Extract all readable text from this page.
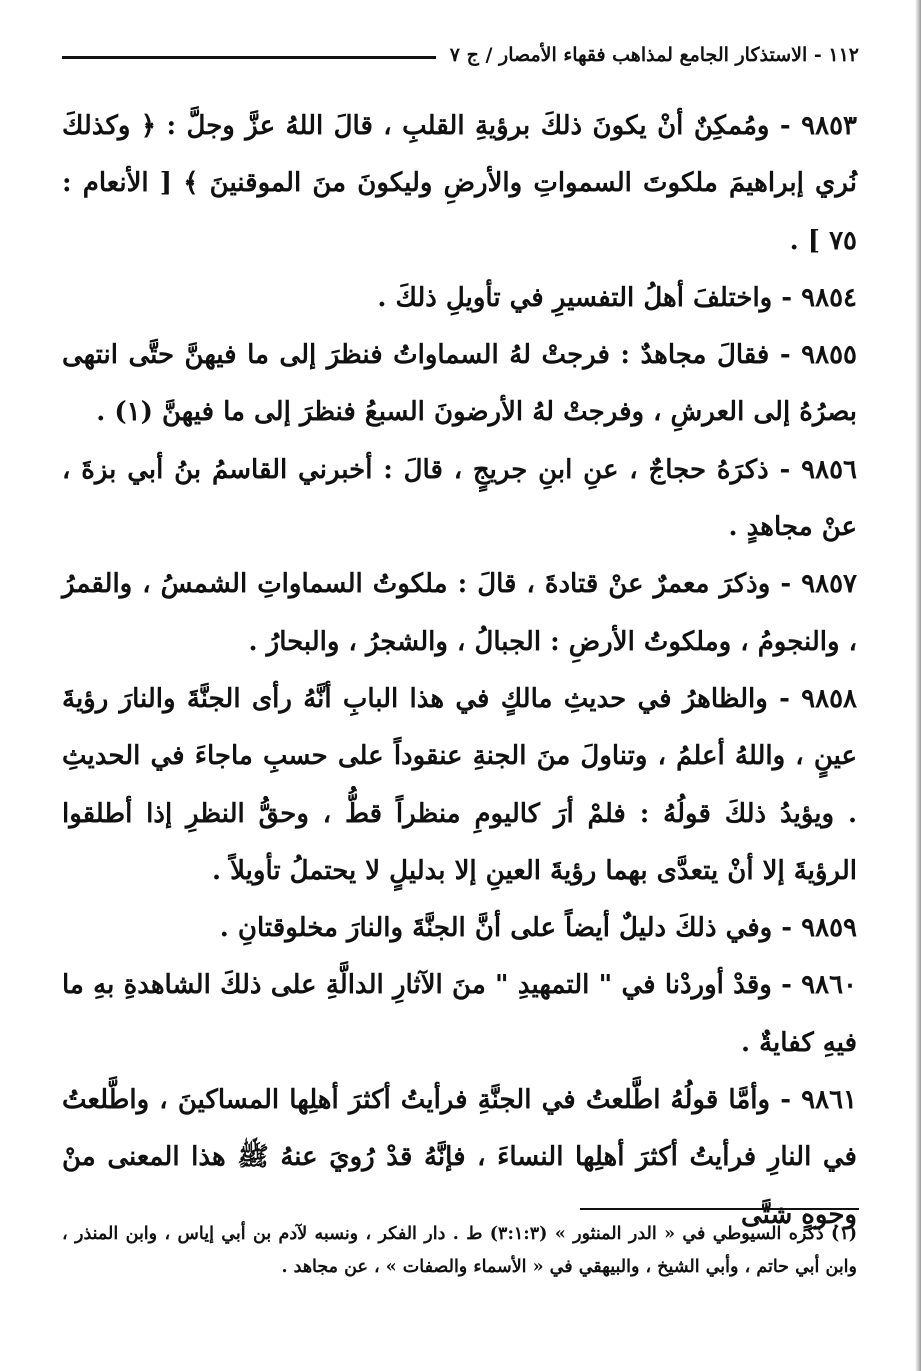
١١٢ - الاستذكار الجامع لمذاهب فقهاء الأمصار / ج ٧

٩٨٥٣ - ومُمكِنٌ أنْ يكونَ ذلكَ برؤيةِ القلبِ ، قالَ اللهُ عزَّ وجلَّ : ﴿ وكذلكَ نُري إبراهيمَ ملكوتَ السمواتِ والأرضِ وليكونَ منَ الموقنينَ ﴾ [ الأنعام : ٧٥ ] .

٩٨٥٤ - واختلفَ أهلُ التفسيرِ في تأويلِ ذلكَ .

٩٨٥٥ - فقالَ مجاهدٌ : فرجتْ لهُ السماواتُ فنظرَ إلى ما فيهنَّ حتَّى انتهى بصرُهُ إلى العرشِ ، وفرجتْ لهُ الأرضونَ السبعُ فنظرَ إلى ما فيهنَّ (١) .

٩٨٥٦ - ذكرَهُ حجاجٌ ، عنِ ابنِ جريجٍ ، قالَ : أخبرني القاسمُ بنُ أبي بزةَ ، عنْ مجاهدٍ .

٩٨٥٧ - وذكرَ معمرٌ عنْ قتادةَ ، قالَ : ملكوتُ السماواتِ الشمسُ ، والقمرُ ، والنجومُ ، وملكوتُ الأرضِ : الجبالُ ، والشجرُ ، والبحارُ .

٩٨٥٨ - والظاهرُ في حديثِ مالكٍ في هذا البابِ أنَّهُ رأى الجنَّةَ والنارَ رؤيةَ عينٍ ، واللهُ أعلمُ ، وتناولَ منَ الجنةِ عنقوداً على حسبِ ماجاءَ في الحديثِ . ويؤيدُ ذلكَ قولُهُ : فلمْ أرَ كاليومِ منظراً قطُّ ، وحقُّ النظرِ إذا أطلقوا الرؤيةَ إلا أنْ يتعدَّى بهما رؤيةَ العينِ إلا بدليلٍ لا يحتملُ تأويلاً .

٩٨٥٩ - وفي ذلكَ دليلٌ أيضاً على أنَّ الجنَّةَ والنارَ مخلوقتانِ .

٩٨٦٠ - وقدْ أوردْنا في " التمهيدِ " منَ الآثارِ الدالَّةِ على ذلكَ الشاهدةِ بهِ ما فيهِ كفايةٌ .

٩٨٦١ - وأمَّا قولُهُ اطَّلعتُ في الجنَّةِ فرأيتُ أكثرَ أهلِها المساكينَ ، واطَّلعتُ في النارِ فرأيتُ أكثرَ أهلِها النساءَ ، فإنَّهُ قدْ رُويَ عنهُ ﷺ هذا المعنى منْ وجوهٍ شتَّى

(١) ذكره السيوطي في « الدر المنثور » (٣:١:٣) ط . دار الفكر ، ونسبه لآدم بن أبي إياس ، وابن المنذر ، وابن أبي حاتم ، وأبي الشيخ ، والبيهقي في « الأسماء والصفات » ، عن مجاهد .
